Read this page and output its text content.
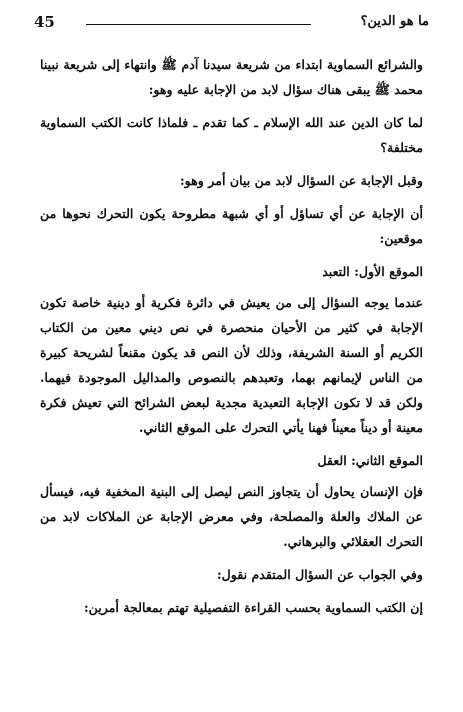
ما هو الدين؟
45

والشرائع السماوية ابتداء من شريعة سيدنا آدم ﷺ وانتهاء إلى شريعة نبينا محمد ﷺ يبقى هناك سؤال لابد من الإجابة عليه وهو:

لما كان الدين عند الله الإسلام ـ كما تقدم ـ فلماذا كانت الكتب السماوية مختلفة؟

وقبل الإجابة عن السؤال لابد من بيان أمر وهو:

أن الإجابة عن أي تساؤل أو أي شبهة مطروحة يكون التحرك نحوها من موقعين:

الموقع الأول: التعبد

عندما يوجه السؤال إلى من يعيش في دائرة فكرية أو دينية خاصة تكون الإجابة في كثير من الأحيان منحصرة في نص ديني معين من الكتاب الكريم أو السنة الشريفة، وذلك لأن النص قد يكون مقنعاً لشريحة كبيرة من الناس لإيمانهم بهما، وتعبدهم بالنصوص والمداليل الموجودة فيهما. ولكن قد لا تكون الإجابة التعبدية مجدية لبعض الشرائح التي تعيش فكرة معينة أو ديناً معيناً فهنا يأتي التحرك على الموقع الثاني.

الموقع الثاني: العقل

فإن الإنسان يحاول أن يتجاوز النص ليصل إلى البنية المخفية فيه، فيسأل عن الملاك والعلة والمصلحة، وفي معرض الإجابة عن الملاكات لابد من التحرك العقلائي والبرهاني.

وفي الجواب عن السؤال المتقدم نقول:

إن الكتب السماوية بحسب القراءة التفصيلية تهتم بمعالجة أمرين:
